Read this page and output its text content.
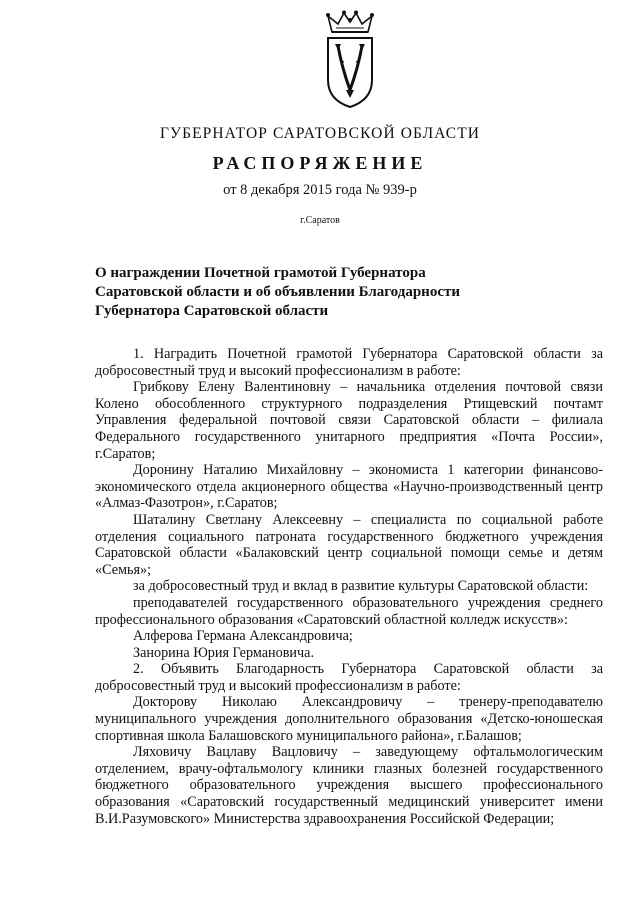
ГУБЕРНАТОР САРАТОВСКОЙ ОБЛАСТИ
РАСПОРЯЖЕНИЕ
от 8 декабря 2015 года № 939-р
г.Саратов
О награждении Почетной грамотой Губернатора
Саратовской области и об объявлении Благодарности
Губернатора Саратовской области

1. Наградить Почетной грамотой Губернатора Саратовской области за добросовестный труд и высокий профессионализм в работе:

Грибкову Елену Валентиновну – начальника отделения почтовой связи Колено обособленного структурного подразделения Ртищевский почтамт Управления федеральной почтовой связи Саратовской области – филиала Федерального государственного унитарного предприятия «Почта России», г.Саратов;

Доронину Наталию Михайловну – экономиста 1 категории финансово-экономического отдела акционерного общества «Научно-производственный центр «Алмаз-Фазотрон», г.Саратов;

Шаталину Светлану Алексеевну – специалиста по социальной работе отделения социального патроната государственного бюджетного учреждения Саратовской области «Балаковский центр социальной помощи семье и детям «Семья»;

за добросовестный труд и вклад в развитие культуры Саратовской области:

преподавателей государственного образовательного учреждения среднего профессионального образования «Саратовский областной колледж искусств»:

Алферова Германа Александровича;

Занорина Юрия Германовича.

2. Объявить Благодарность Губернатора Саратовской области за добросовестный труд и высокий профессионализм в работе:

Докторову Николаю Александровичу – тренеру-преподавателю муниципального учреждения дополнительного образования «Детско-юношеская спортивная школа Балашовского муниципального района», г.Балашов;

Ляховичу Вацлаву Вацловичу – заведующему офтальмологическим отделением, врачу-офтальмологу клиники глазных болезней государственного бюджетного образовательного учреждения высшего профессионального образования «Саратовский государственный медицинский университет имени В.И.Разумовского» Министерства здравоохранения Российской Федерации;
